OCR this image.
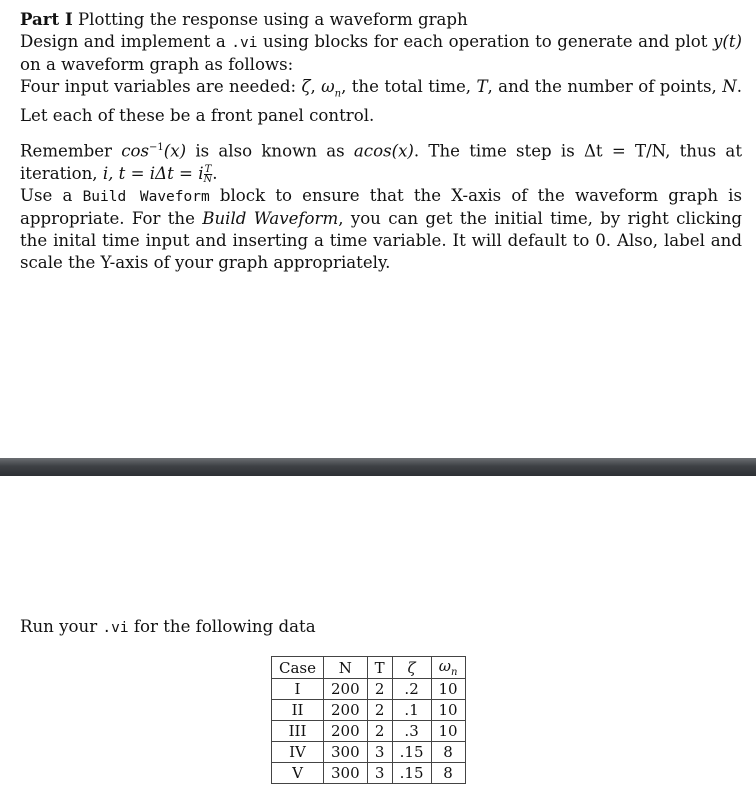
Part I Plotting the response using a waveform graph

Design and implement a .vi using blocks for each operation to generate and plot y(t) on a waveform graph as follows:

Four input variables are needed: ζ, $\omega_n$, the total time, T, and the number of points, N. Let each of these be a front panel control.

Remember $\cos^{-1}(x)$ is also known as acos(x). The time step is Δt = T/N, thus at iteration, i, t = iΔt = i $\frac{T}{N}$ .

Use a Build Waveform block to ensure that the X-axis of the waveform graph is appropriate. For the Build Waveform, you can get the initial time, by right clicking the inital time input and inserting a time variable. It will default to 0. Also, label and scale the Y-axis of your graph appropriately.

Run your .vi for the following data

Case	N	T	ζ	$\omega_n$
I	200	2	.2	10
II	200	2	.1	10
III	200	2	.3	10
IV	300	3	.15	8
V	300	3	.15	8
